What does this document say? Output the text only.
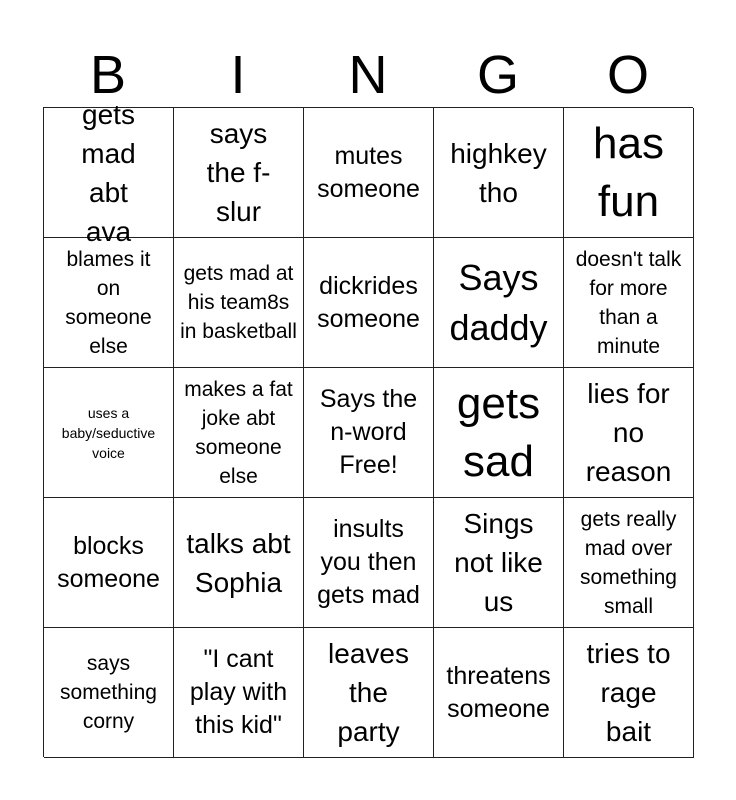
B	I	N	G	O
gets mad abt ava
says the f-slur
mutes someone
highkey tho
has fun
blames it on someone else
gets mad at his team8s in basketball
dickrides someone
Says daddy
doesn't talk for more than a minute
uses a baby/seductive voice
makes a fat joke abt someone else
Says the n-word Free!
gets sad
lies for no reason
blocks someone
talks abt Sophia
insults you then gets mad
Sings not like us
gets really mad over something small
says something corny
"I cant play with this kid"
leaves the party
threatens someone
tries to rage bait
